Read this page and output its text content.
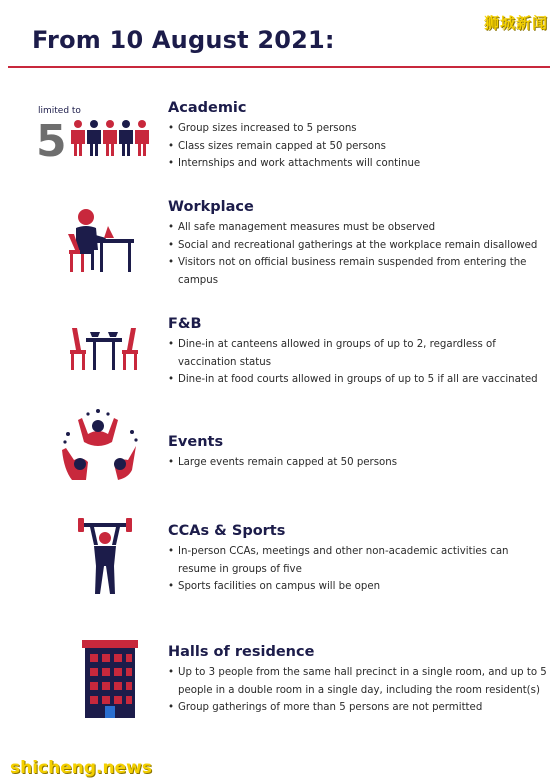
狮城新闻
From 10 August 2021:
limited to
5
Academic
• Group sizes increased to 5 persons
• Class sizes remain capped at 50 persons
• Internships and work attachments will continue
Workplace
• All safe management measures must be observed
• Social and recreational gatherings at the workplace remain disallowed
• Visitors not on official business remain suspended from entering the campus
F&B
• Dine-in at canteens allowed in groups of up to 2, regardless of vaccination status
• Dine-in at food courts allowed in groups of up to 5 if all are vaccinated
Events
• Large events remain capped at 50 persons
CCAs & Sports
• In-person CCAs, meetings and other non-academic activities can resume in groups of five
• Sports facilities on campus will be open
Halls of residence
• Up to 3 people from the same hall precinct in a single room, and up to 5 people in a double room in a single day, including the room resident(s)
• Group gatherings of more than 5 persons are not permitted
shicheng.news
